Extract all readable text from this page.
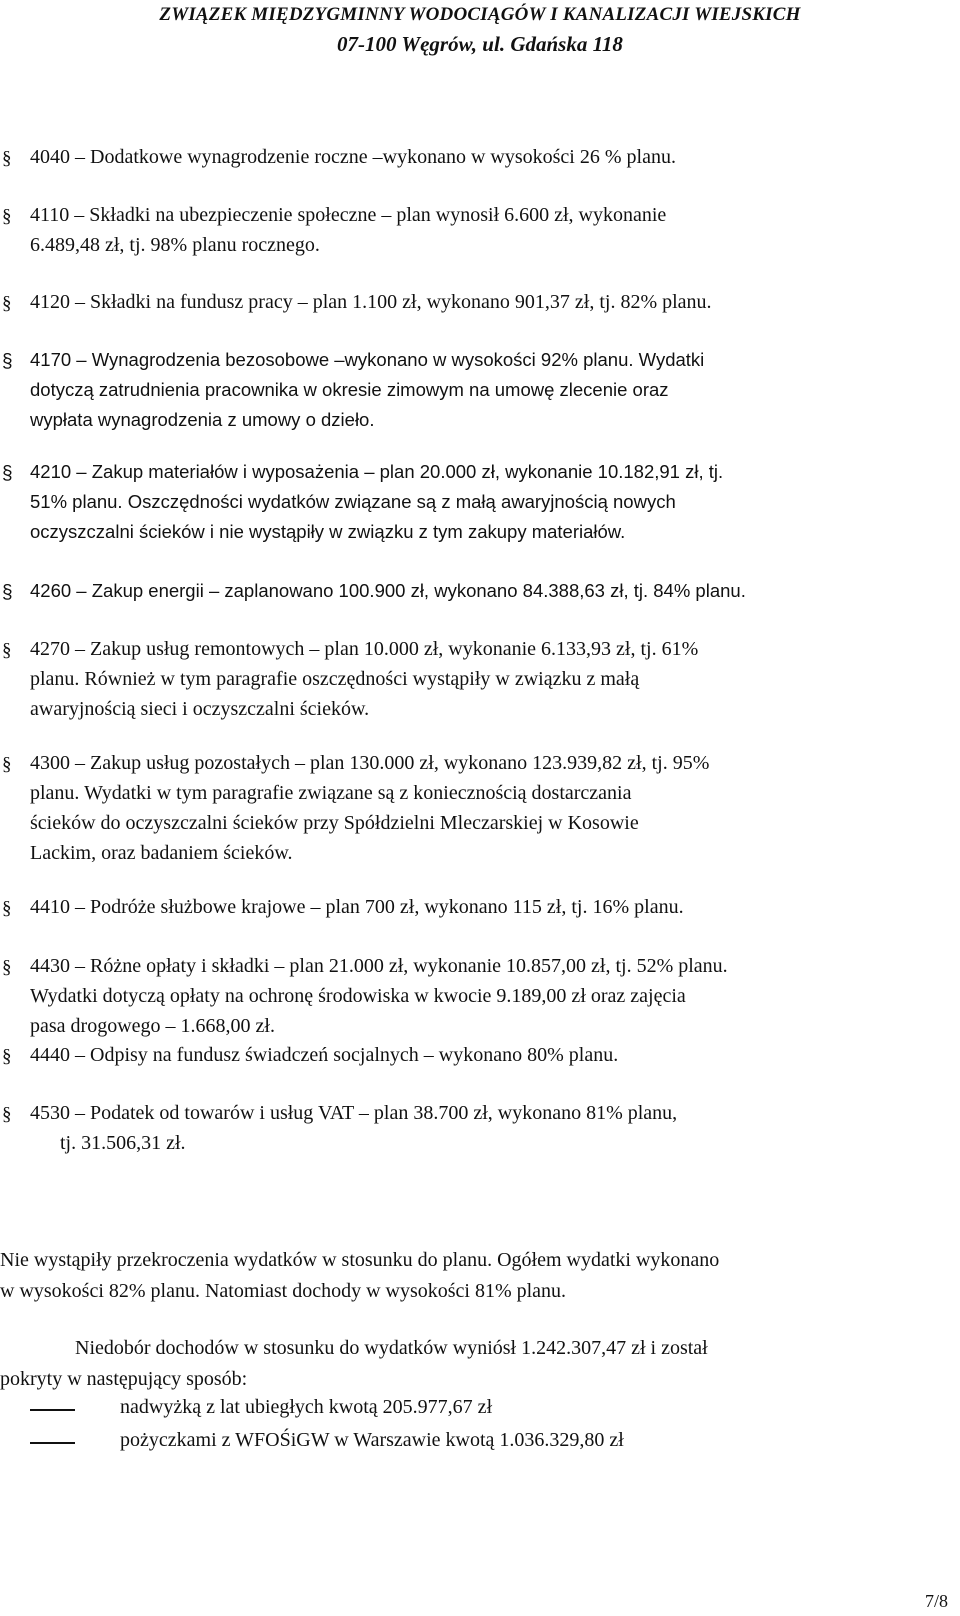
ZWIĄZEK MIĘDZYGMINNY WODOCIĄGÓW I KANALIZACJI WIEJSKICH
07-100 Węgrów, ul. Gdańska 118
§ 4040 – Dodatkowe wynagrodzenie roczne –wykonano w wysokości 26 % planu.
§ 4110 – Składki na ubezpieczenie społeczne – plan wynosił 6.600 zł, wykonanie
6.489,48 zł, tj. 98% planu rocznego.
§ 4120 – Składki na fundusz pracy – plan 1.100 zł, wykonano 901,37 zł, tj. 82% planu.
§ 4170 – Wynagrodzenia bezosobowe –wykonano w wysokości 92% planu. Wydatki
dotyczą zatrudnienia pracownika w okresie zimowym na umowę zlecenie oraz
wypłata wynagrodzenia z umowy o dzieło.
§ 4210 – Zakup materiałów i wyposażenia – plan 20.000 zł, wykonanie 10.182,91 zł, tj.
51% planu. Oszczędności wydatków związane są z małą awaryjnością nowych
oczyszczalni ścieków i nie wystąpiły w związku z tym zakupy materiałów.
§ 4260 – Zakup energii – zaplanowano 100.900 zł, wykonano 84.388,63 zł, tj. 84% planu.
§ 4270 – Zakup usług remontowych – plan 10.000 zł, wykonanie 6.133,93 zł, tj. 61%
planu. Również w tym paragrafie oszczędności wystąpiły w związku z małą
awaryjnością sieci i oczyszczalni ścieków.
§ 4300 – Zakup usług pozostałych – plan 130.000 zł, wykonano 123.939,82 zł, tj. 95%
planu. Wydatki w tym paragrafie związane są z koniecznością dostarczania
ścieków do oczyszczalni ścieków przy Spółdzielni Mleczarskiej w Kosowie
Lackim, oraz badaniem ścieków.
§ 4410 – Podróże służbowe krajowe – plan 700 zł, wykonano 115 zł, tj. 16% planu.
§ 4430 – Różne opłaty i składki – plan 21.000 zł, wykonanie 10.857,00 zł, tj. 52% planu.
Wydatki dotyczą opłaty na ochronę środowiska w kwocie 9.189,00 zł oraz zajęcia
pasa drogowego – 1.668,00 zł.
§ 4440 – Odpisy na fundusz świadczeń socjalnych – wykonano 80% planu.
§ 4530 – Podatek od towarów i usług VAT – plan 38.700 zł, wykonano 81% planu,
tj. 31.506,31 zł.
Nie wystąpiły przekroczenia wydatków w stosunku do planu. Ogółem wydatki wykonano
w wysokości 82% planu. Natomiast dochody w wysokości 81% planu.
Niedobór dochodów w stosunku do wydatków wyniósł 1.242.307,47 zł i został
pokryty w następujący sposób:
nadwyżką z lat ubiegłych kwotą 205.977,67 zł
pożyczkami z WFOŚiGW w Warszawie kwotą 1.036.329,80 zł
7/8
